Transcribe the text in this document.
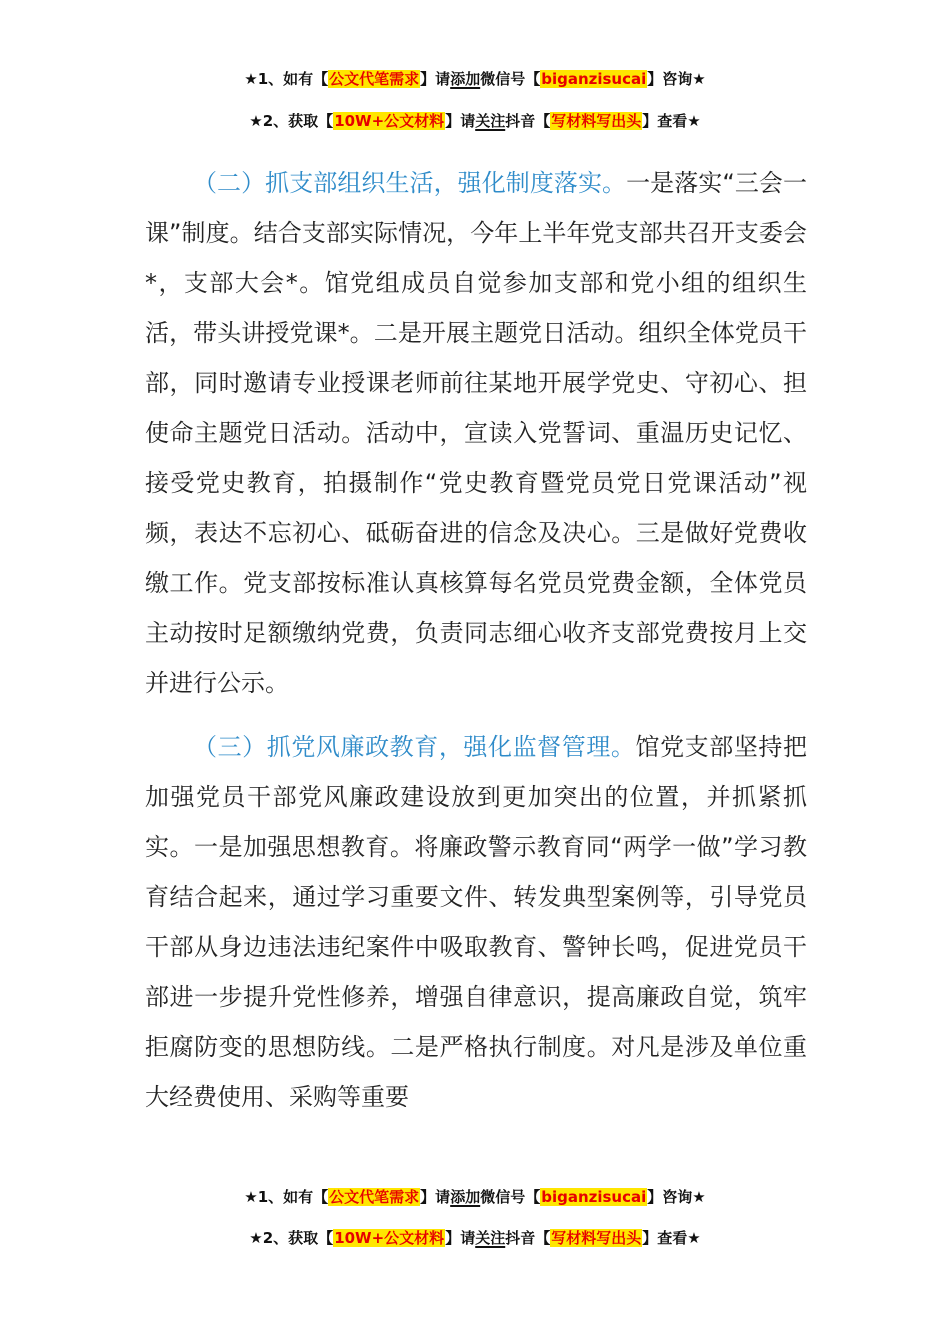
★1、如有【公文代笔需求】请添加微信号【biganzisucai】咨询★
★2、获取【10W+公文材料】请关注抖音【写材料写出头】查看★

（二）抓支部组织生活，强化制度落实。一是落实“三会一课”制度。结合支部实际情况，今年上半年党支部共召开支委会*，支部大会*。馆党组成员自觉参加支部和党小组的组织生活，带头讲授党课*。二是开展主题党日活动。组织全体党员干部，同时邀请专业授课老师前往某地开展学党史、守初心、担使命主题党日活动。活动中，宣读入党誓词、重温历史记忆、接受党史教育，拍摄制作“党史教育暨党员党日党课活动”视频，表达不忘初心、砥砺奋进的信念及决心。三是做好党费收缴工作。党支部按标准认真核算每名党员党费金额，全体党员主动按时足额缴纳党费，负责同志细心收齐支部党费按月上交并进行公示。

（三）抓党风廉政教育，强化监督管理。馆党支部坚持把加强党员干部党风廉政建设放到更加突出的位置，并抓紧抓实。一是加强思想教育。将廉政警示教育同“两学一做”学习教育结合起来，通过学习重要文件、转发典型案例等，引导党员干部从身边违法违纪案件中吸取教育、警钟长鸣，促进党员干部进一步提升党性修养，增强自律意识，提高廉政自觉，筑牢拒腐防变的思想防线。二是严格执行制度。对凡是涉及单位重大经费使用、采购等重要

★1、如有【公文代笔需求】请添加微信号【biganzisucai】咨询★
★2、获取【10W+公文材料】请关注抖音【写材料写出头】查看★
